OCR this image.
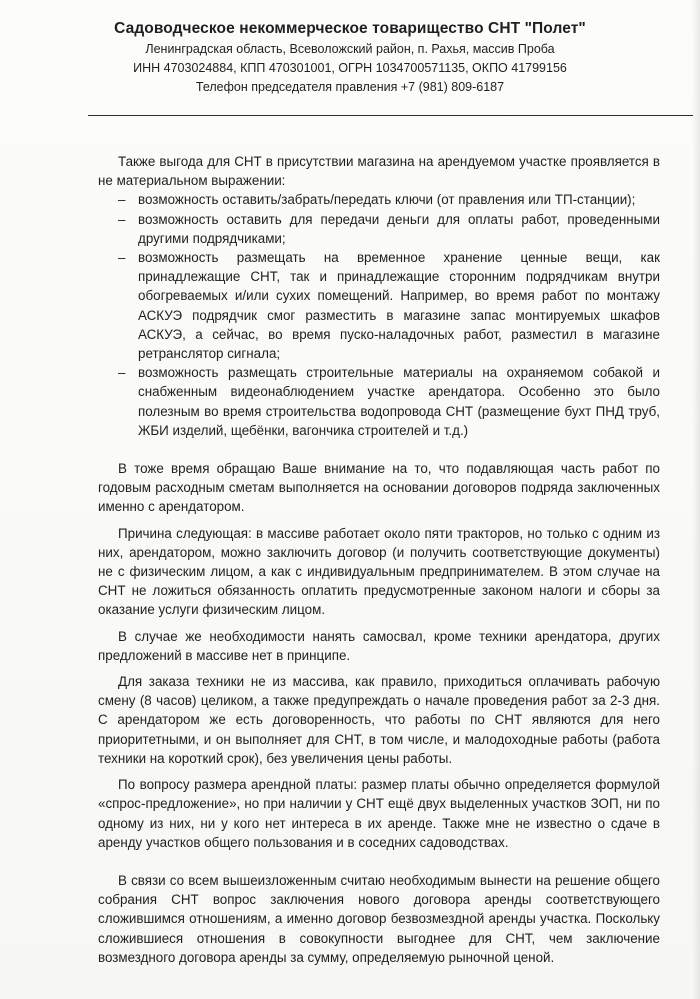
Садоводческое некоммерческое товарищество СНТ "Полет"

Ленинградская область, Всеволожский район, п. Рахья, массив Проба

ИНН 4703024884, КПП 470301001, ОГРН 1034700571135, ОКПО 41799156

Телефон председателя правления +7 (981) 809-6187

Также выгода для СНТ в присутствии магазина на арендуемом участке проявляется в не материальном выражении:

– возможность оставить/забрать/передать ключи (от правления или ТП-станции);
– возможность оставить для передачи деньги для оплаты работ, проведенными другими подрядчиками;
– возможность размещать на временное хранение ценные вещи, как принадлежащие СНТ, так и принадлежащие сторонним подрядчикам внутри обогреваемых и/или сухих помещений. Например, во время работ по монтажу АСКУЭ подрядчик смог разместить в магазине запас монтируемых шкафов АСКУЭ, а сейчас, во время пуско-наладочных работ, разместил в магазине ретранслятор сигнала;
– возможность размещать строительные материалы на охраняемом собакой и снабженным видеонаблюдением участке арендатора. Особенно это было полезным во время строительства водопровода СНТ (размещение бухт ПНД труб, ЖБИ изделий, щебёнки, вагончика строителей и т.д.)

В тоже время обращаю Ваше внимание на то, что подавляющая часть работ по годовым расходным сметам выполняется на основании договоров подряда заключенных именно с арендатором.

Причина следующая: в массиве работает около пяти тракторов, но только с одним из них, арендатором, можно заключить договор (и получить соответствующие документы) не с физическим лицом, а как с индивидуальным предпринимателем. В этом случае на СНТ не ложиться обязанность оплатить предусмотренные законом налоги и сборы за оказание услуги физическим лицом.

В случае же необходимости нанять самосвал, кроме техники арендатора, других предложений в массиве нет в принципе.

Для заказа техники не из массива, как правило, приходиться оплачивать рабочую смену (8 часов) целиком, а также предупреждать о начале проведения работ за 2-3 дня. С арендатором же есть договоренность, что работы по СНТ являются для него приоритетными, и он выполняет для СНТ, в том числе, и малодоходные работы (работа техники на короткий срок), без увеличения цены работы.

По вопросу размера арендной платы: размер платы обычно определяется формулой «спрос-предложение», но при наличии у СНТ ещё двух выделенных участков ЗОП, ни по одному из них, ни у кого нет интереса в их аренде. Также мне не известно о сдаче в аренду участков общего пользования и в соседних садоводствах.

В связи со всем вышеизложенным считаю необходимым вынести на решение общего собрания СНТ вопрос заключения нового договора аренды соответствующего сложившимся отношениям, а именно договор безвозмездной аренды участка. Поскольку сложившиеся отношения в совокупности выгоднее для СНТ, чем заключение возмездного договора аренды за сумму, определяемую рыночной ценой.
